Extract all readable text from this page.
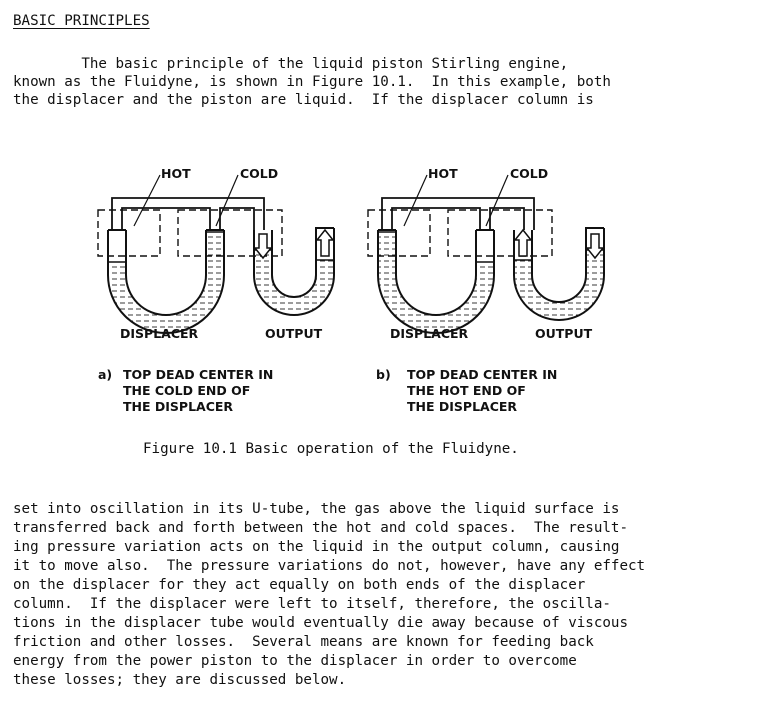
BASIC PRINCIPLES
The basic principle of the liquid piston Stirling engine,
known as the Fluidyne, is shown in Figure 10.1.  In this example, both
the displacer and the piston are liquid.  If the displacer column is
HOT	COLD
DISPLACER	OUTPUT
HOT	COLD
DISPLACER	OUTPUT
a) TOP DEAD CENTER IN
THE COLD END OF
THE DISPLACER
b) TOP DEAD CENTER IN
THE HOT END OF
THE DISPLACER
Figure 10.1 Basic operation of the Fluidyne.
set into oscillation in its U-tube, the gas above the liquid surface is
transferred back and forth between the hot and cold spaces.  The result-
ing pressure variation acts on the liquid in the output column, causing
it to move also.  The pressure variations do not, however, have any effect
on the displacer for they act equally on both ends of the displacer
column.  If the displacer were left to itself, therefore, the oscilla-
tions in the displacer tube would eventually die away because of viscous
friction and other losses.  Several means are known for feeding back
energy from the power piston to the displacer in order to overcome
these losses; they are discussed below.
